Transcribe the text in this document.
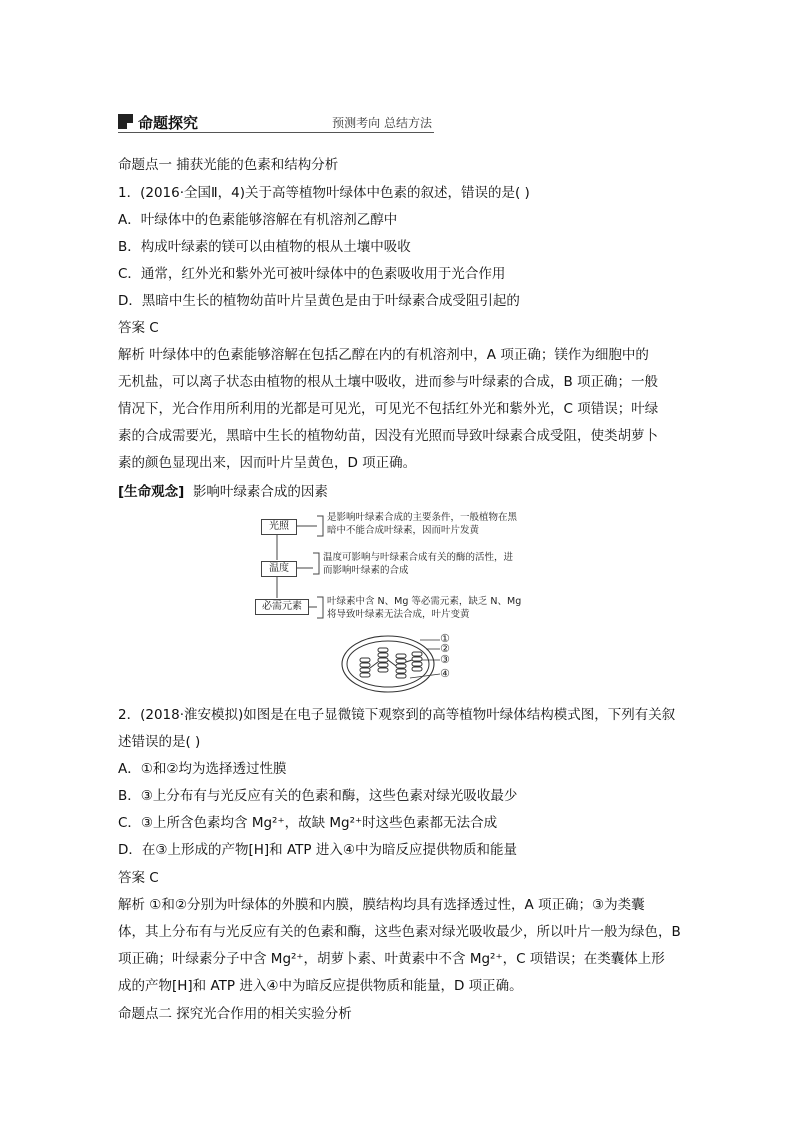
命题探究	预测考向 总结方法
命题点一 捕获光能的色素和结构分析
1．(2016·全国Ⅱ，4)关于高等植物叶绿体中色素的叙述，错误的是( )
A．叶绿体中的色素能够溶解在有机溶剂乙醇中
B．构成叶绿素的镁可以由植物的根从土壤中吸收
C．通常，红外光和紫外光可被叶绿体中的色素吸收用于光合作用
D．黑暗中生长的植物幼苗叶片呈黄色是由于叶绿素合成受阻引起的
答案 C
解析 叶绿体中的色素能够溶解在包括乙醇在内的有机溶剂中，A 项正确；镁作为细胞中的
无机盐，可以离子状态由植物的根从土壤中吸收，进而参与叶绿素的合成，B 项正确；一般
情况下，光合作用所利用的光都是可见光，可见光不包括红外光和紫外光，C 项错误；叶绿
素的合成需要光，黑暗中生长的植物幼苗，因没有光照而导致叶绿素合成受阻，使类胡萝卜
素的颜色显现出来，因而叶片呈黄色，D 项正确。
[生命观念] 影响叶绿素合成的因素
光照
是影响叶绿素合成的主要条件，一般植物在黑
暗中不能合成叶绿素，因而叶片发黄
温度
温度可影响与叶绿素合成有关的酶的活性，进
而影响叶绿素的合成
必需元素	叶绿素中含 N、Mg 等必需元素，缺乏 N、Mg
将导致叶绿素无法合成，叶片变黄
①
②
③
④
2．(2018·淮安模拟)如图是在电子显微镜下观察到的高等植物叶绿体结构模式图，下列有关叙
述错误的是( )
A．①和②均为选择透过性膜
B．③上分布有与光反应有关的色素和酶，这些色素对绿光吸收最少
C．③上所含色素均含 Mg²⁺，故缺 Mg²⁺时这些色素都无法合成
D．在③上形成的产物[H]和 ATP 进入④中为暗反应提供物质和能量
答案 C
解析 ①和②分别为叶绿体的外膜和内膜，膜结构均具有选择透过性，A 项正确；③为类囊
体，其上分布有与光反应有关的色素和酶，这些色素对绿光吸收最少，所以叶片一般为绿色，B
项正确；叶绿素分子中含 Mg²⁺，胡萝卜素、叶黄素中不含 Mg²⁺，C 项错误；在类囊体上形
成的产物[H]和 ATP 进入④中为暗反应提供物质和能量，D 项正确。
命题点二 探究光合作用的相关实验分析
